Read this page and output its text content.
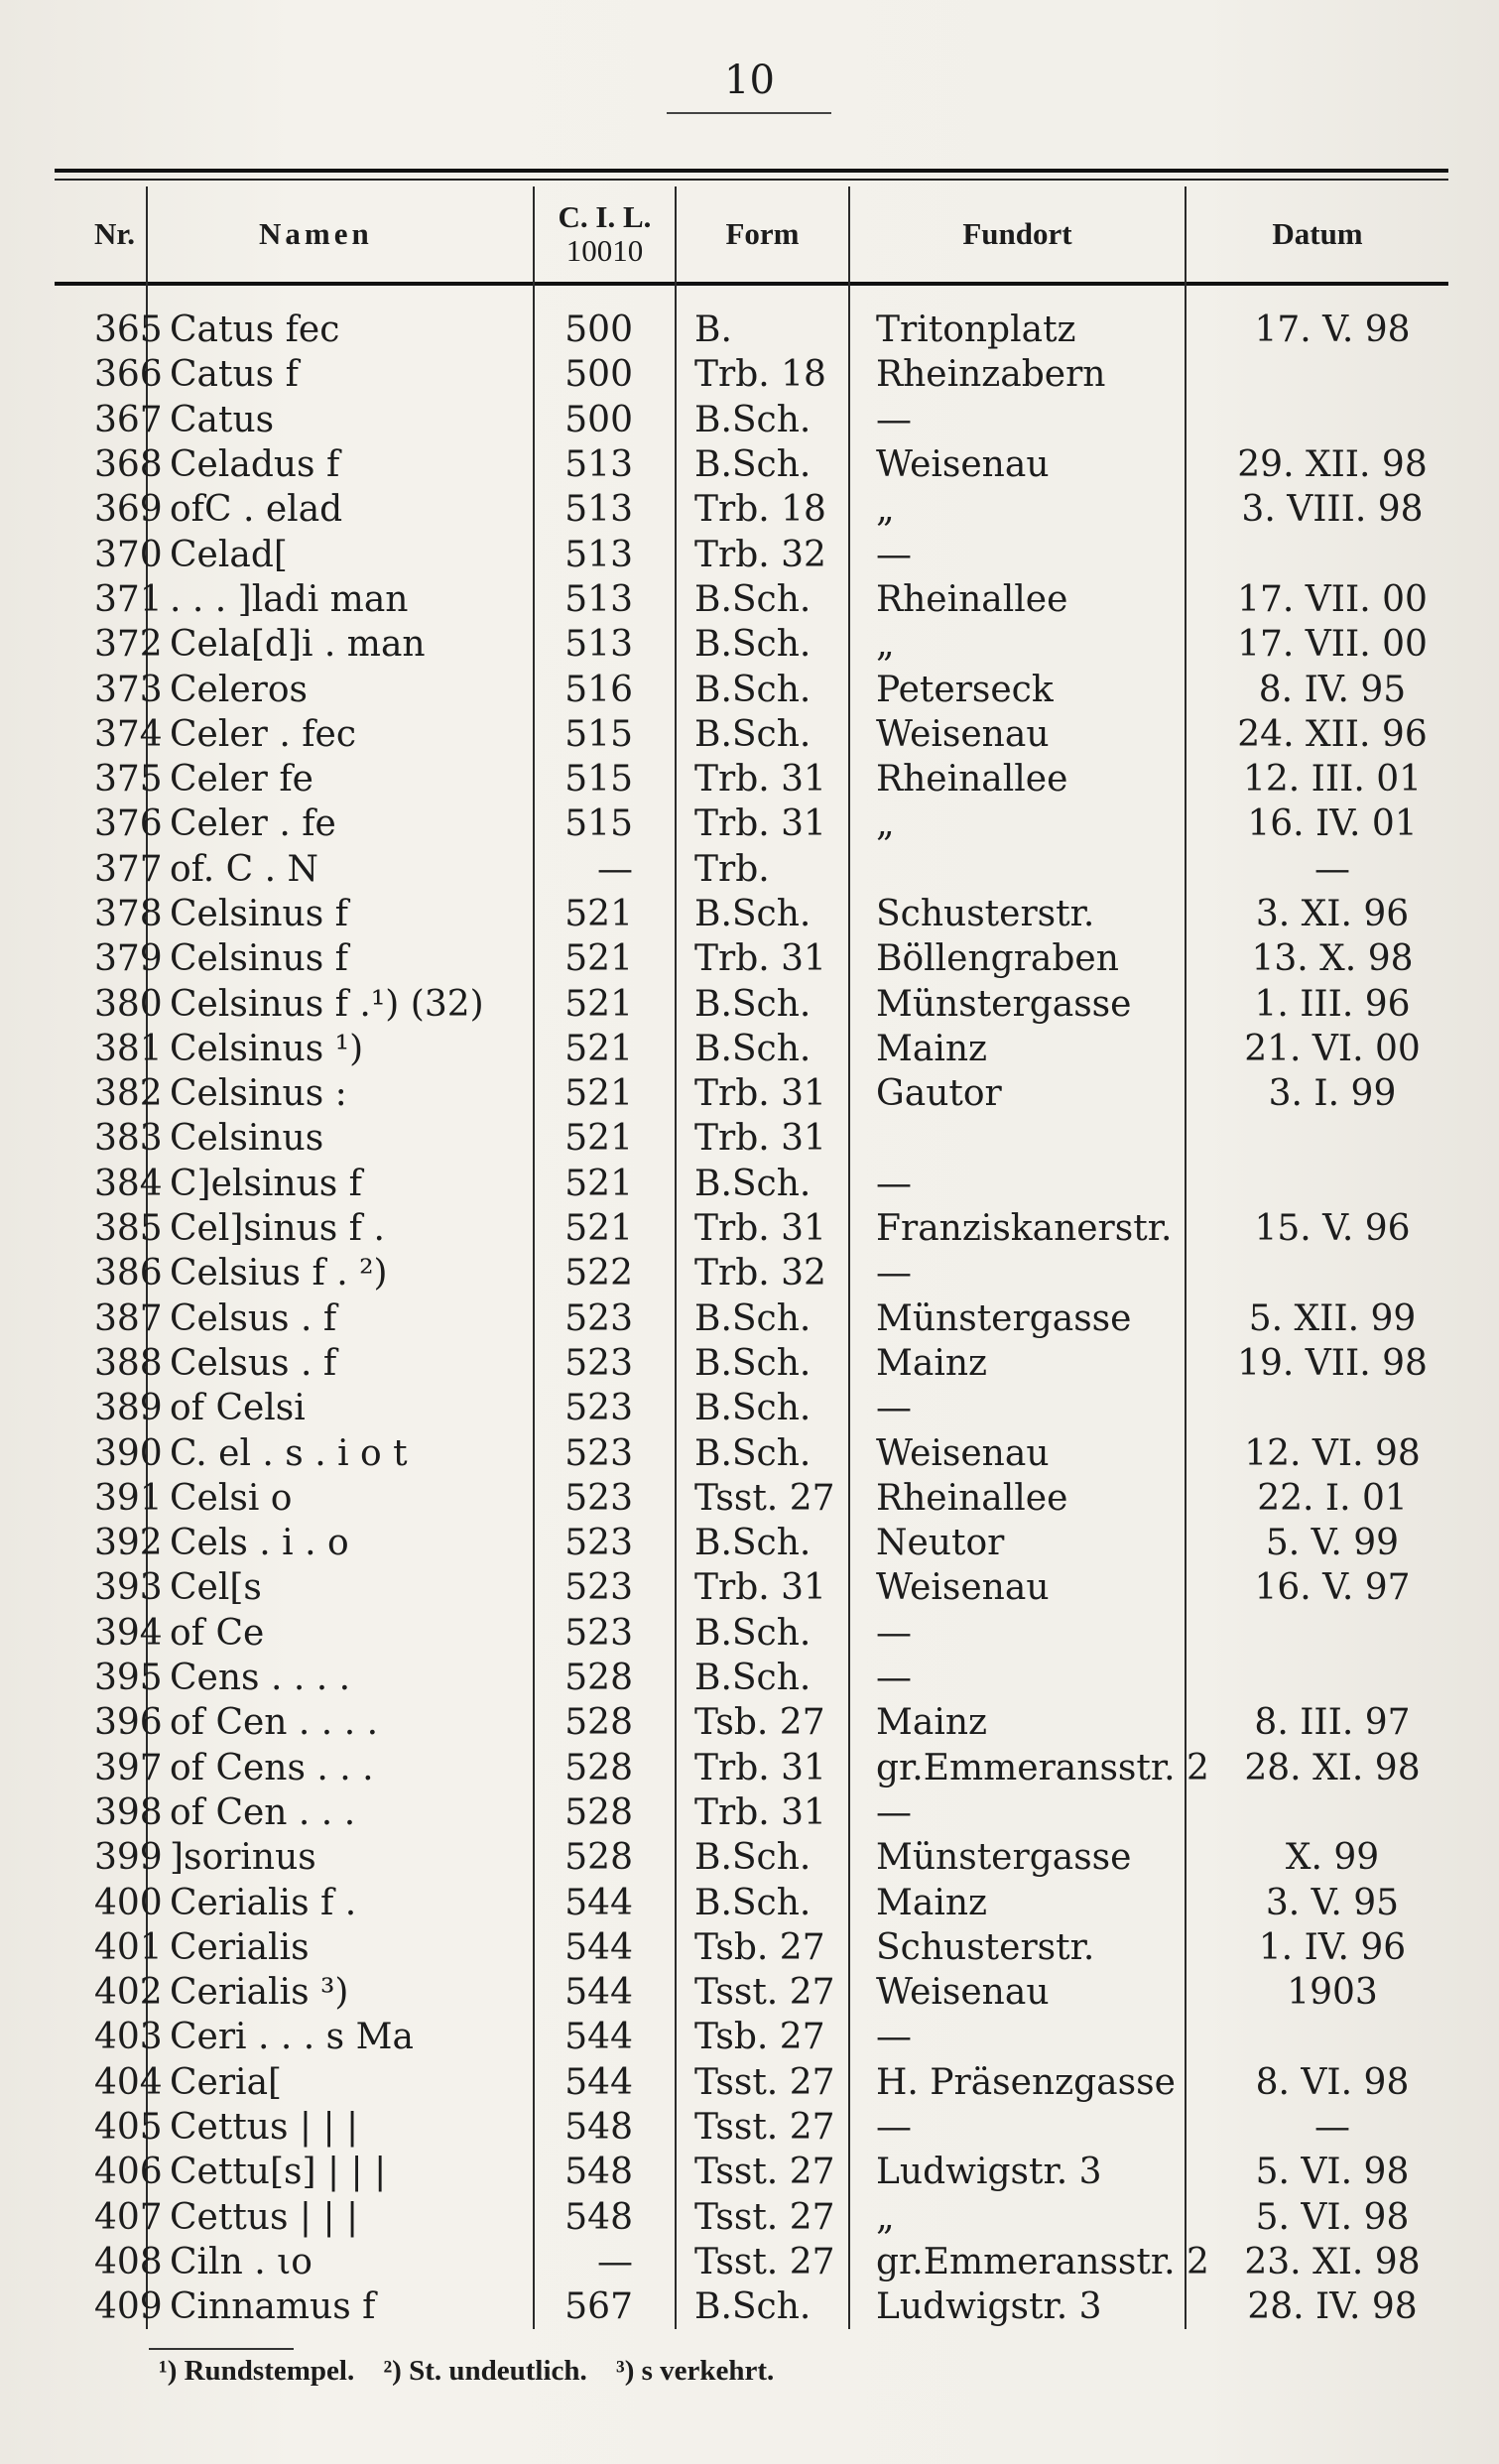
10
Nr.	Namen	C. I. L.
10010	Form	Fundort	Datum
365	Catus fec	500	B.	Tritonplatz	17. V. 98
366	Catus f	500	Trb. 18	Rheinzabern	
367	Catus	500	B.Sch.	—	
368	Celadus f	513	B.Sch.	Weisenau	29. XII. 98
369	ofC . elad	513	Trb. 18	„	3. VIII. 98
370	Celad[	513	Trb. 32	—	
371	. . . ]ladi man	513	B.Sch.	Rheinallee	17. VII. 00
372	Cela[d]i . man	513	B.Sch.	„	17. VII. 00
373	Celeros	516	B.Sch.	Peterseck	8. IV. 95
374	Celer . fec	515	B.Sch.	Weisenau	24. XII. 96
375	Celer fe	515	Trb. 31	Rheinallee	12. III. 01
376	Celer . fe	515	Trb. 31	„	16. IV. 01
377	of. C . N	—	Trb.		—
378	Celsinus f	521	B.Sch.	Schusterstr.	3. XI. 96
379	Celsinus f	521	Trb. 31	Böllengraben	13. X. 98
380	Celsinus f .¹) (32)	521	B.Sch.	Münstergasse	1. III. 96
381	Celsinus ¹)	521	B.Sch.	Mainz	21. VI. 00
382	Celsinus :	521	Trb. 31	Gautor	3. I. 99
383	Celsinus	521	Trb. 31		
384	C]elsinus f	521	B.Sch.	—	
385	Cel]sinus f .	521	Trb. 31	Franziskanerstr.	15. V. 96
386	Celsius f . ²)	522	Trb. 32	—	
387	Celsus . f	523	B.Sch.	Münstergasse	5. XII. 99
388	Celsus . f	523	B.Sch.	Mainz	19. VII. 98
389	of Celsi	523	B.Sch.	—	
390	C. el . s . i o t	523	B.Sch.	Weisenau	12. VI. 98
391	Celsi o	523	Tsst. 27	Rheinallee	22. I. 01
392	Cels . i . o	523	B.Sch.	Neutor	5. V. 99
393	Cel[s	523	Trb. 31	Weisenau	16. V. 97
394	of Ce	523	B.Sch.	—	
395	Cens . . . .	528	B.Sch.	—	
396	of Cen . . . .	528	Tsb. 27	Mainz	8. III. 97
397	of Cens . . .	528	Trb. 31	gr.Emmeransstr. 2	28. XI. 98
398	of Cen . . .	528	Trb. 31	—	
399	]sorinus	528	B.Sch.	Münstergasse	X. 99
400	Cerialis f .	544	B.Sch.	Mainz	3. V. 95
401	Cerialis	544	Tsb. 27	Schusterstr.	1. IV. 96
402	Cerialis ³)	544	Tsst. 27	Weisenau	1903
403	Ceri . . . s Ma	544	Tsb. 27	—	
404	Ceria[	544	Tsst. 27	H. Präsenzgasse	8. VI. 98
405	Cettus | | |	548	Tsst. 27	—	—
406	Cettu[s] | | |	548	Tsst. 27	Ludwigstr. 3	5. VI. 98
407	Cettus | | |	548	Tsst. 27	„	5. VI. 98
408	Ciln . ιo	—	Tsst. 27	gr.Emmeransstr. 2	23. XI. 98
409	Cinnamus f	567	B.Sch.	Ludwigstr. 3	28. IV. 98
¹) Rundstempel. ²) St. undeutlich. ³) s verkehrt.
